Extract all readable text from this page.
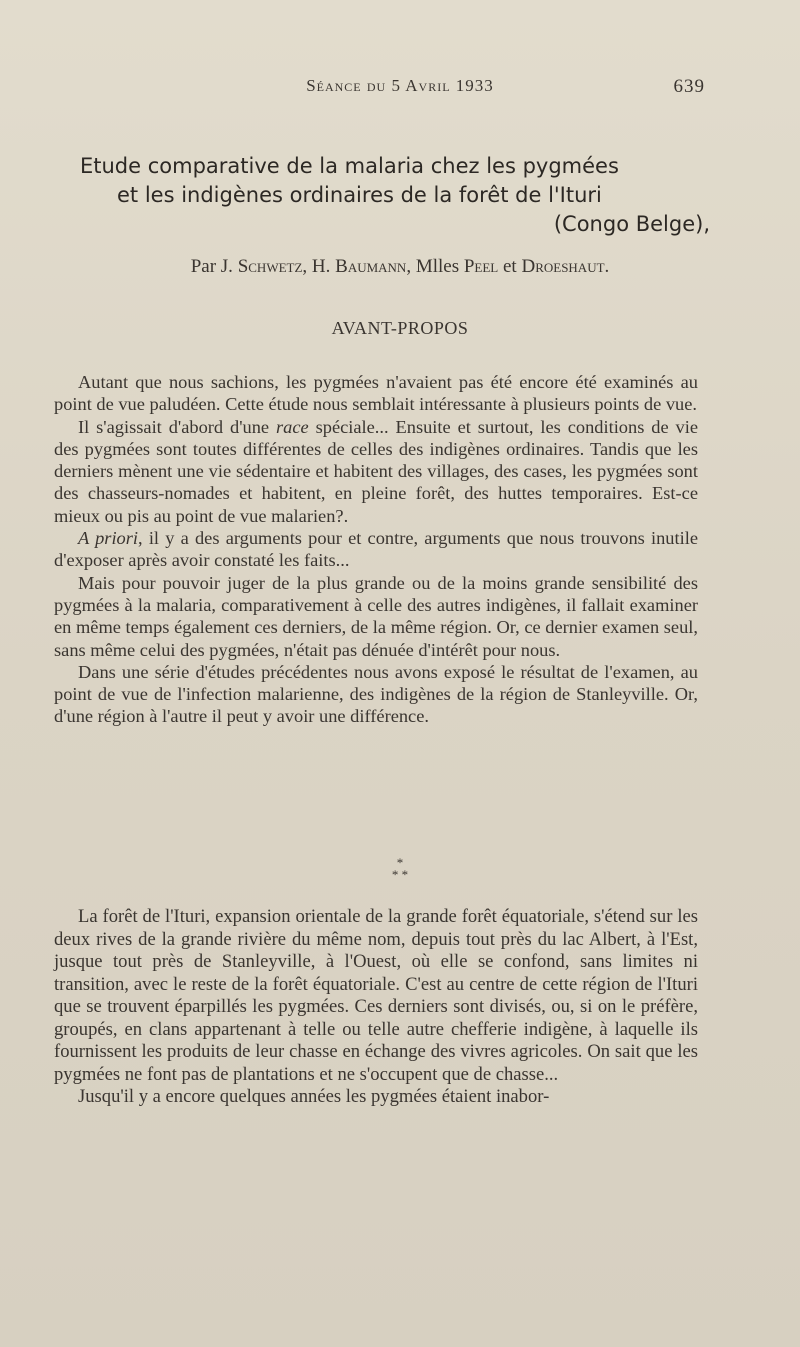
Séance du 5 Avril 1933	639
Etude comparative de la malaria chez les pygmées
et les indigènes ordinaires de la forêt de l'Ituri
(Congo Belge),
Par J. Schwetz, H. Baumann, Mlles Peel et Droeshaut.
AVANT-PROPOS

Autant que nous sachions, les pygmées n'avaient pas été encore été examinés au point de vue paludéen. Cette étude nous semblait intéressante à plusieurs points de vue.

Il s'agissait d'abord d'une race spéciale... Ensuite et surtout, les conditions de vie des pygmées sont toutes différentes de celles des indigènes ordinaires. Tandis que les derniers mènent une vie sédentaire et habitent des villages, des cases, les pygmées sont des chasseurs-nomades et habitent, en pleine forêt, des huttes temporaires. Est-ce mieux ou pis au point de vue malarien?.

A priori, il y a des arguments pour et contre, arguments que nous trouvons inutile d'exposer après avoir constaté les faits...

Mais pour pouvoir juger de la plus grande ou de la moins grande sensibilité des pygmées à la malaria, comparativement à celle des autres indigènes, il fallait examiner en même temps également ces derniers, de la même région. Or, ce dernier examen seul, sans même celui des pygmées, n'était pas dénuée d'intérêt pour nous.

Dans une série d'études précédentes nous avons exposé le résultat de l'examen, au point de vue de l'infection malarienne, des indigènes de la région de Stanleyville. Or, d'une région à l'autre il peut y avoir une différence.

*
* *

La forêt de l'Ituri, expansion orientale de la grande forêt équatoriale, s'étend sur les deux rives de la grande rivière du même nom, depuis tout près du lac Albert, à l'Est, jusque tout près de Stanleyville, à l'Ouest, où elle se confond, sans limites ni transition, avec le reste de la forêt équatoriale. C'est au centre de cette région de l'Ituri que se trouvent éparpillés les pygmées. Ces derniers sont divisés, ou, si on le préfère, groupés, en clans appartenant à telle ou telle autre chefferie indigène, à laquelle ils fournissent les produits de leur chasse en échange des vivres agricoles. On sait que les pygmées ne font pas de plantations et ne s'occupent que de chasse...

Jusqu'il y a encore quelques années les pygmées étaient inabor-
